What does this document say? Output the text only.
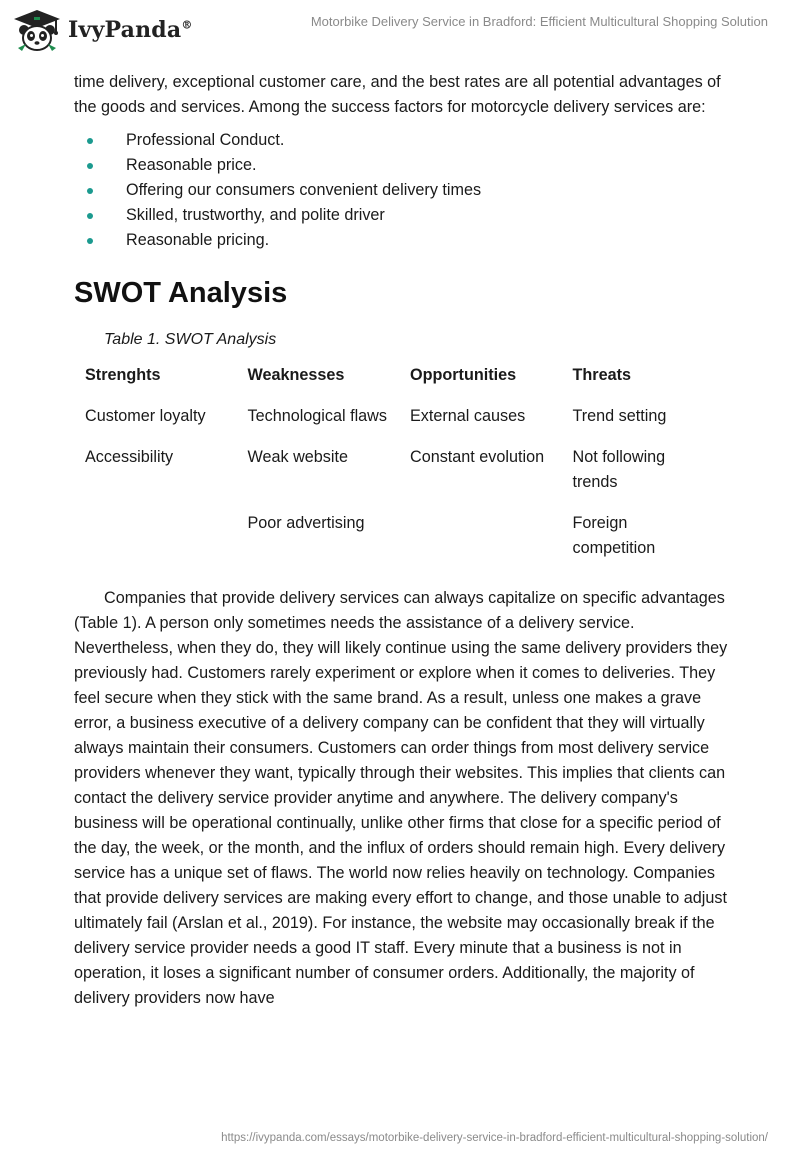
IvyPanda®	Motorbike Delivery Service in Bradford: Efficient Multicultural Shopping Solution

time delivery, exceptional customer care, and the best rates are all potential advantages of the goods and services. Among the success factors for motorcycle delivery services are:

Professional Conduct.
Reasonable price.
Offering our consumers convenient delivery times
Skilled, trustworthy, and polite driver
Reasonable pricing.
SWOT Analysis
Table 1. SWOT Analysis
Strenghts	Weaknesses	Opportunities	Threats
Customer loyalty	Technological flaws	External causes	Trend setting
Accessibility	Weak website	Constant evolution	Not following trends
	Poor advertising		Foreign competition

Companies that provide delivery services can always capitalize on specific advantages (Table 1). A person only sometimes needs the assistance of a delivery service. Nevertheless, when they do, they will likely continue using the same delivery providers they previously had. Customers rarely experiment or explore when it comes to deliveries. They feel secure when they stick with the same brand. As a result, unless one makes a grave error, a business executive of a delivery company can be confident that they will virtually always maintain their consumers. Customers can order things from most delivery service providers whenever they want, typically through their websites. This implies that clients can contact the delivery service provider anytime and anywhere. The delivery company's business will be operational continually, unlike other firms that close for a specific period of the day, the week, or the month, and the influx of orders should remain high. Every delivery service has a unique set of flaws. The world now relies heavily on technology. Companies that provide delivery services are making every effort to change, and those unable to adjust ultimately fail (Arslan et al., 2019). For instance, the website may occasionally break if the delivery service provider needs a good IT staff. Every minute that a business is not in operation, it loses a significant number of consumer orders. Additionally, the majority of delivery providers now have

https://ivypanda.com/essays/motorbike-delivery-service-in-bradford-efficient-multicultural-shopping-solution/
